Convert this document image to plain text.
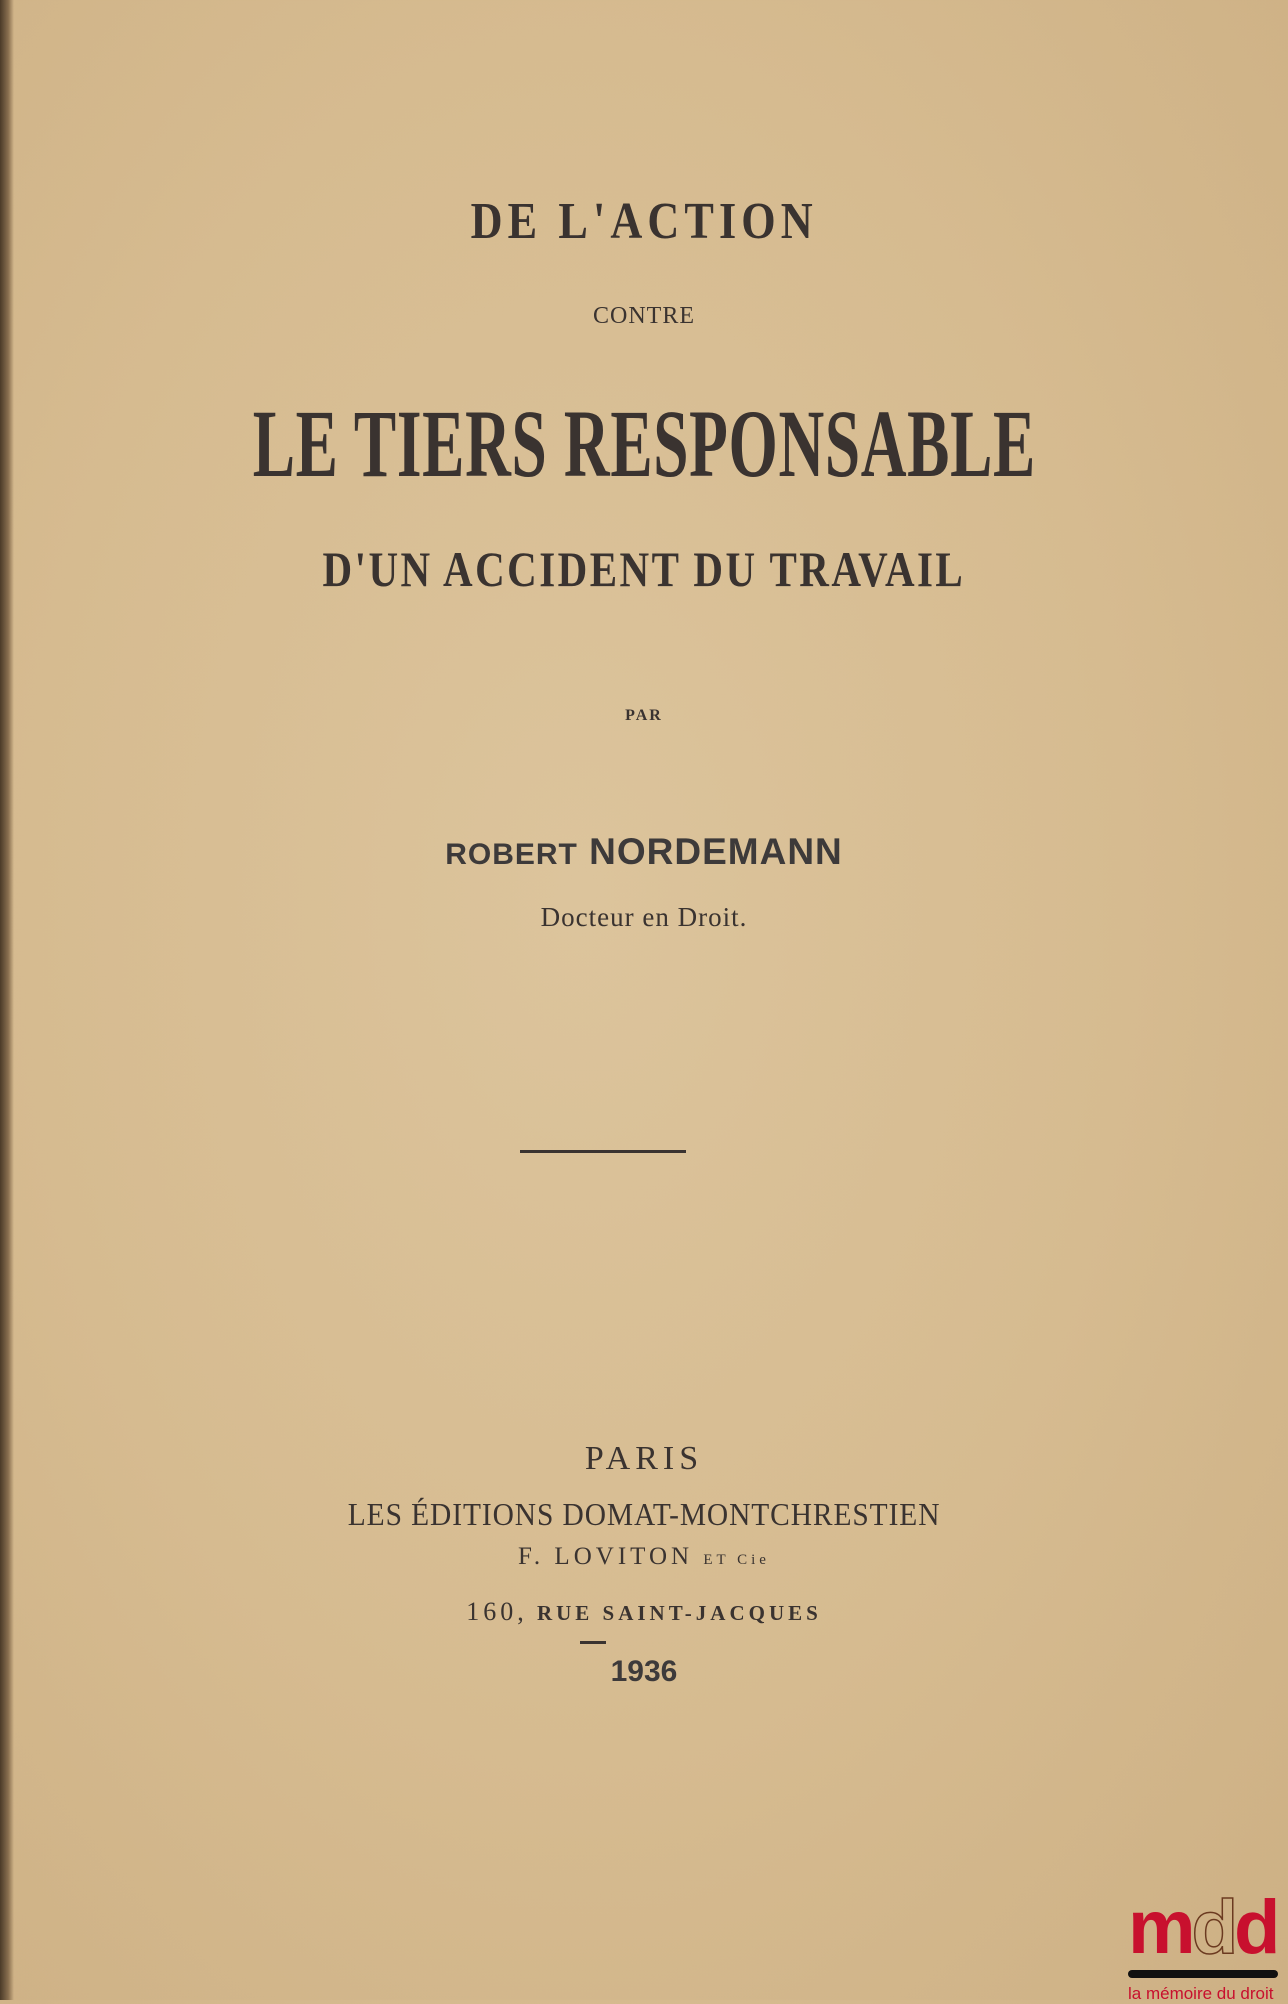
DE L'ACTION
CONTRE
LE TIERS RESPONSABLE
D'UN ACCIDENT DU TRAVAIL
PAR
ROBERT NORDEMANN
Docteur en Droit.
PARIS
LES ÉDITIONS DOMAT-MONTCHRESTIEN
F. LOVITON ET Cie
160, RUE SAINT-JACQUES
1936
mdd
la mémoire du droit
